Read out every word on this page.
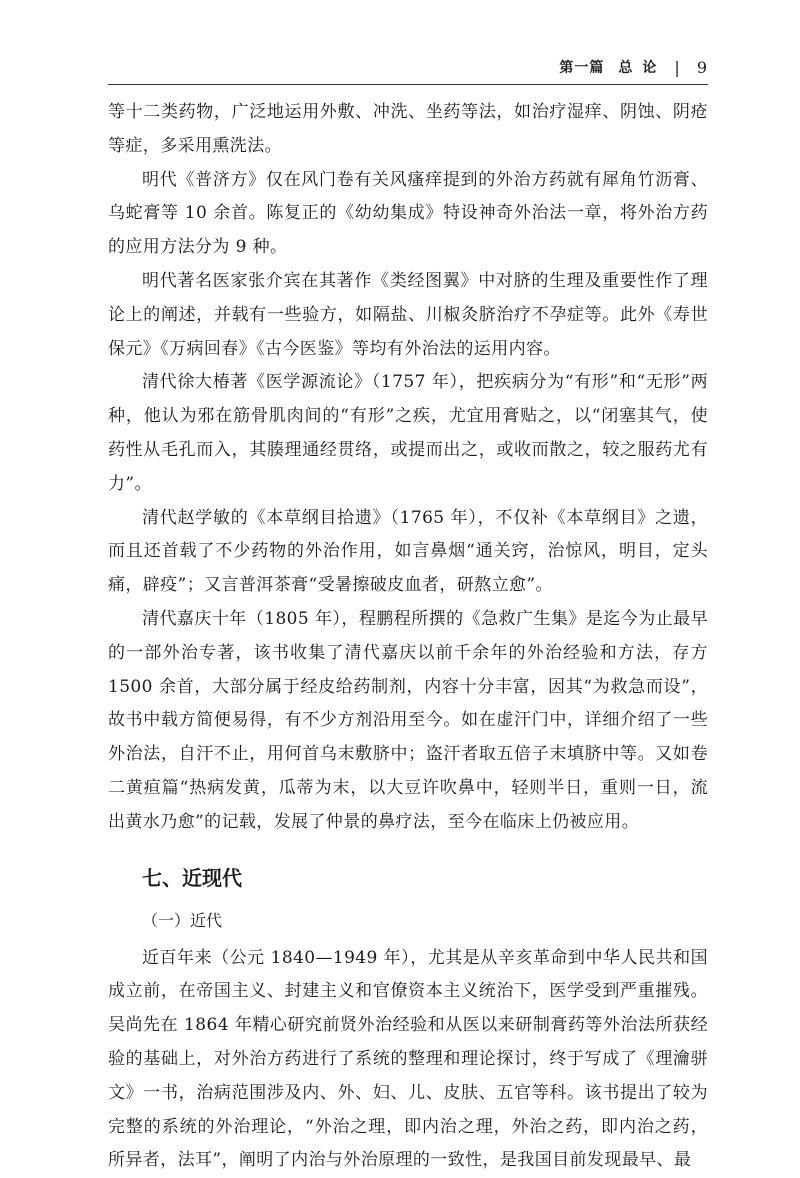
第一篇 总论 | 9

等十二类药物，广泛地运用外敷、冲洗、坐药等法，如治疗湿痒、阴蚀、阴疮等症，多采用熏洗法。

明代《普济方》仅在风门卷有关风瘙痒提到的外治方药就有犀角竹沥膏、乌蛇膏等 10 余首。陈复正的《幼幼集成》特设神奇外治法一章，将外治方药的应用方法分为 9 种。

明代著名医家张介宾在其著作《类经图翼》中对脐的生理及重要性作了理论上的阐述，并载有一些验方，如隔盐、川椒灸脐治疗不孕症等。此外《寿世保元》《万病回春》《古今医鉴》等均有外治法的运用内容。

清代徐大椿著《医学源流论》（1757 年），把疾病分为“有形”和“无形”两种，他认为邪在筋骨肌肉间的“有形”之疾，尤宜用膏贴之，以“闭塞其气，使药性从毛孔而入，其腠理通经贯络，或提而出之，或收而散之，较之服药尤有力”。

清代赵学敏的《本草纲目拾遗》（1765 年），不仅补《本草纲目》之遗，而且还首载了不少药物的外治作用，如言鼻烟“通关窍，治惊风，明目，定头痛，辟疫”；又言普洱茶膏“受暑擦破皮血者，研熬立愈”。

清代嘉庆十年（1805 年），程鹏程所撰的《急救广生集》是迄今为止最早的一部外治专著，该书收集了清代嘉庆以前千余年的外治经验和方法，存方 1500 余首，大部分属于经皮给药制剂，内容十分丰富，因其“为救急而设”，故书中载方简便易得，有不少方剂沿用至今。如在虚汗门中，详细介绍了一些外治法，自汗不止，用何首乌末敷脐中；盗汗者取五倍子末填脐中等。又如卷二黄疸篇“热病发黄，瓜蒂为末，以大豆许吹鼻中，轻则半日，重则一日，流出黄水乃愈”的记载，发展了仲景的鼻疗法，至今在临床上仍被应用。

七、近现代
（一）近代

近百年来（公元 1840—1949 年），尤其是从辛亥革命到中华人民共和国成立前，在帝国主义、封建主义和官僚资本主义统治下，医学受到严重摧残。吴尚先在 1864 年精心研究前贤外治经验和从医以来研制膏药等外治法所获经验的基础上，对外治方药进行了系统的整理和理论探讨，终于写成了《理瀹骈文》一书，治病范围涉及内、外、妇、儿、皮肤、五官等科。该书提出了较为完整的系统的外治理论，“外治之理，即内治之理，外治之药，即内治之药，所异者，法耳”，阐明了内治与外治原理的一致性，是我国目前发现最早、最
